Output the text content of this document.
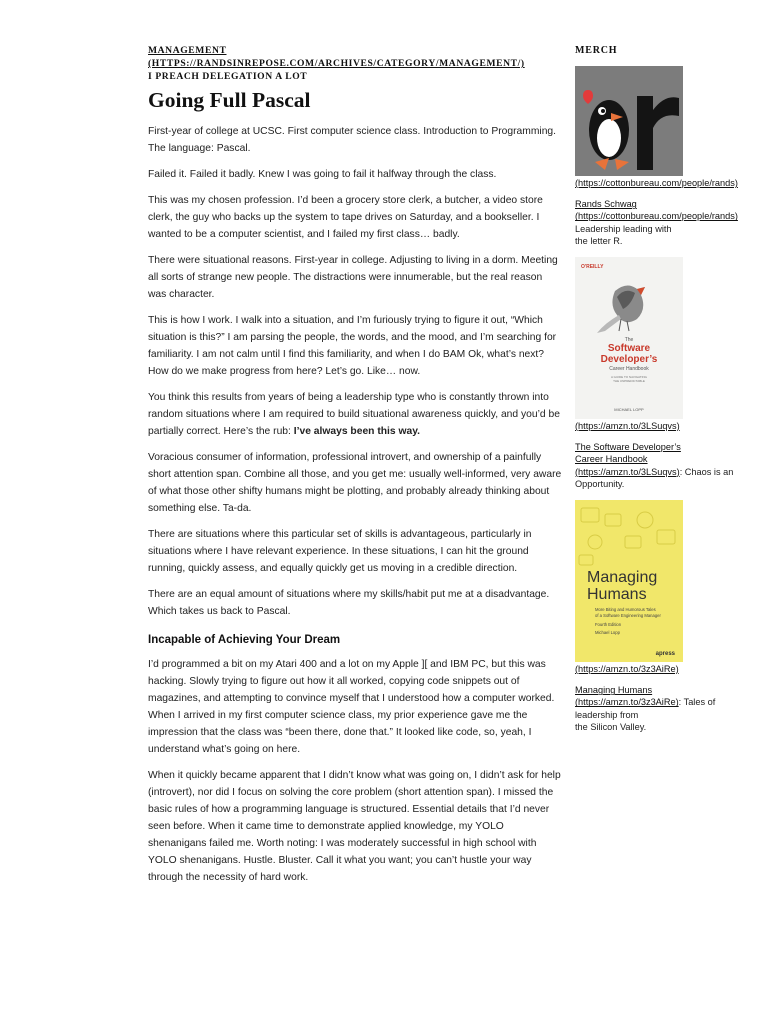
MANAGEMENT (HTTPS://RANDSINREPOSE.COM/ARCHIVES/CATEGORY/MANAGEMENT/)
I PREACH DELEGATION A LOT
Going Full Pascal

First-year of college at UCSC. First computer science class. Introduction to Programming. The language: Pascal.

Failed it. Failed it badly. Knew I was going to fail it halfway through the class.

This was my chosen profession. I’d been a grocery store clerk, a butcher, a video store clerk, the guy who backs up the system to tape drives on Saturday, and a bookseller. I wanted to be a computer scientist, and I failed my first class… badly.

There were situational reasons. First-year in college. Adjusting to living in a dorm. Meeting all sorts of strange new people. The distractions were innumerable, but the real reason was character.

This is how I work. I walk into a situation, and I’m furiously trying to figure it out, “Which situation is this?” I am parsing the people, the words, and the mood, and I’m searching for familiarity. I am not calm until I find this familiarity, and when I do BAM Ok, what’s next? How do we make progress from here? Let’s go. Like… now.

You think this results from years of being a leadership type who is constantly thrown into random situations where I am required to build situational awareness quickly, and you’d be partially correct. Here’s the rub: I’ve always been this way.

Voracious consumer of information, professional introvert, and ownership of a painfully short attention span. Combine all those, and you get me: usually well-informed, very aware of what those other shifty humans might be plotting, and probably already thinking about something else. Ta-da.

There are situations where this particular set of skills is advantageous, particularly in situations where I have relevant experience. In these situations, I can hit the ground running, quickly assess, and equally quickly get us moving in a credible direction.

There are an equal amount of situations where my skills/habit put me at a disadvantage. Which takes us back to Pascal.

Incapable of Achieving Your Dream

I’d programmed a bit on my Atari 400 and a lot on my Apple ][ and IBM PC, but this was hacking. Slowly trying to figure out how it all worked, copying code snippets out of magazines, and attempting to convince myself that I understood how a computer worked. When I arrived in my first computer science class, my prior experience gave me the impression that the class was “been there, done that.” It looked like code, so, yeah, I understand what’s going on here.

When it quickly became apparent that I didn’t know what was going on, I didn’t ask for help (introvert), nor did I focus on solving the core problem (short attention span). I missed the basic rules of how a programming language is structured. Essential details that I’d never seen before. When it came time to demonstrate applied knowledge, my YOLO shenanigans failed me. Worth noting: I was moderately successful in high school with YOLO shenanigans. Hustle. Bluster. Call it what you want; you can’t hustle your way through the necessity of hard work.

MERCH
(https://cottonbureau.com/people/rands)
Rands Schwag
(https://cottonbureau.com/people/rands)
Leadership leading with
the letter R.
O'REILLY
The
Software
Developer’s
Career Handbook
A GUIDE TO NAVIGATING
THE UNPREDICTABLE
MICHAEL LOPP
(https://amzn.to/3LSuqvs)
The Software Developer’s
Career Handbook
(https://amzn.to/3LSuqvs): Chaos is an Opportunity.
Managing
Humans
More Biting and Humorous Tales
of a Software Engineering Manager
Fourth Edition
Michael Lopp
apress
(https://amzn.to/3z3AiRe)
Managing Humans
(https://amzn.to/3z3AiRe): Tales of leadership from
the Silicon Valley.
